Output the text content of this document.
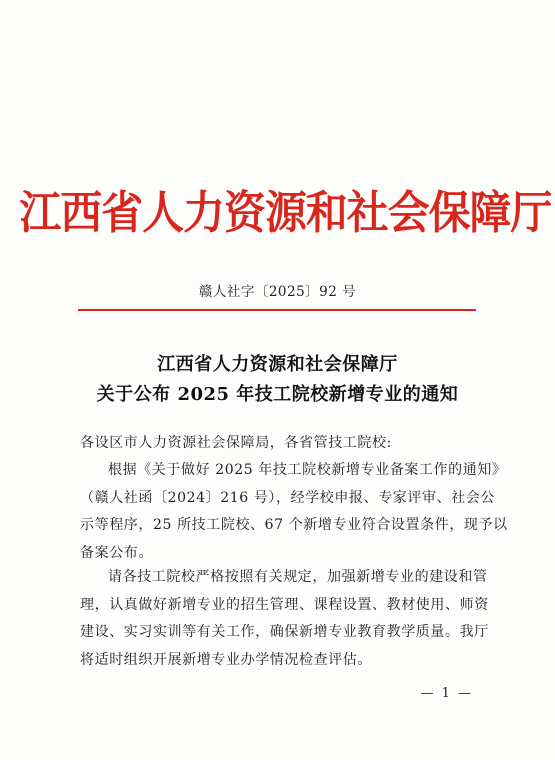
江西省人力资源和社会保障厅
赣人社字〔2025〕92 号
江西省人力资源和社会保障厅
关于公布 2025 年技工院校新增专业的通知

各设区市人力资源社会保障局，各省管技工院校:

根据《关于做好 2025 年技工院校新增专业备案工作的通知》

（赣人社函〔2024〕216 号），经学校申报、专家评审、社会公

示等程序，25 所技工院校、67 个新增专业符合设置条件，现予以

备案公布。

请各技工院校严格按照有关规定，加强新增专业的建设和管

理，认真做好新增专业的招生管理、课程设置、教材使用、师资

建设、实习实训等有关工作，确保新增专业教育教学质量。我厅

将适时组织开展新增专业办学情况检查评估。

— 1 —
